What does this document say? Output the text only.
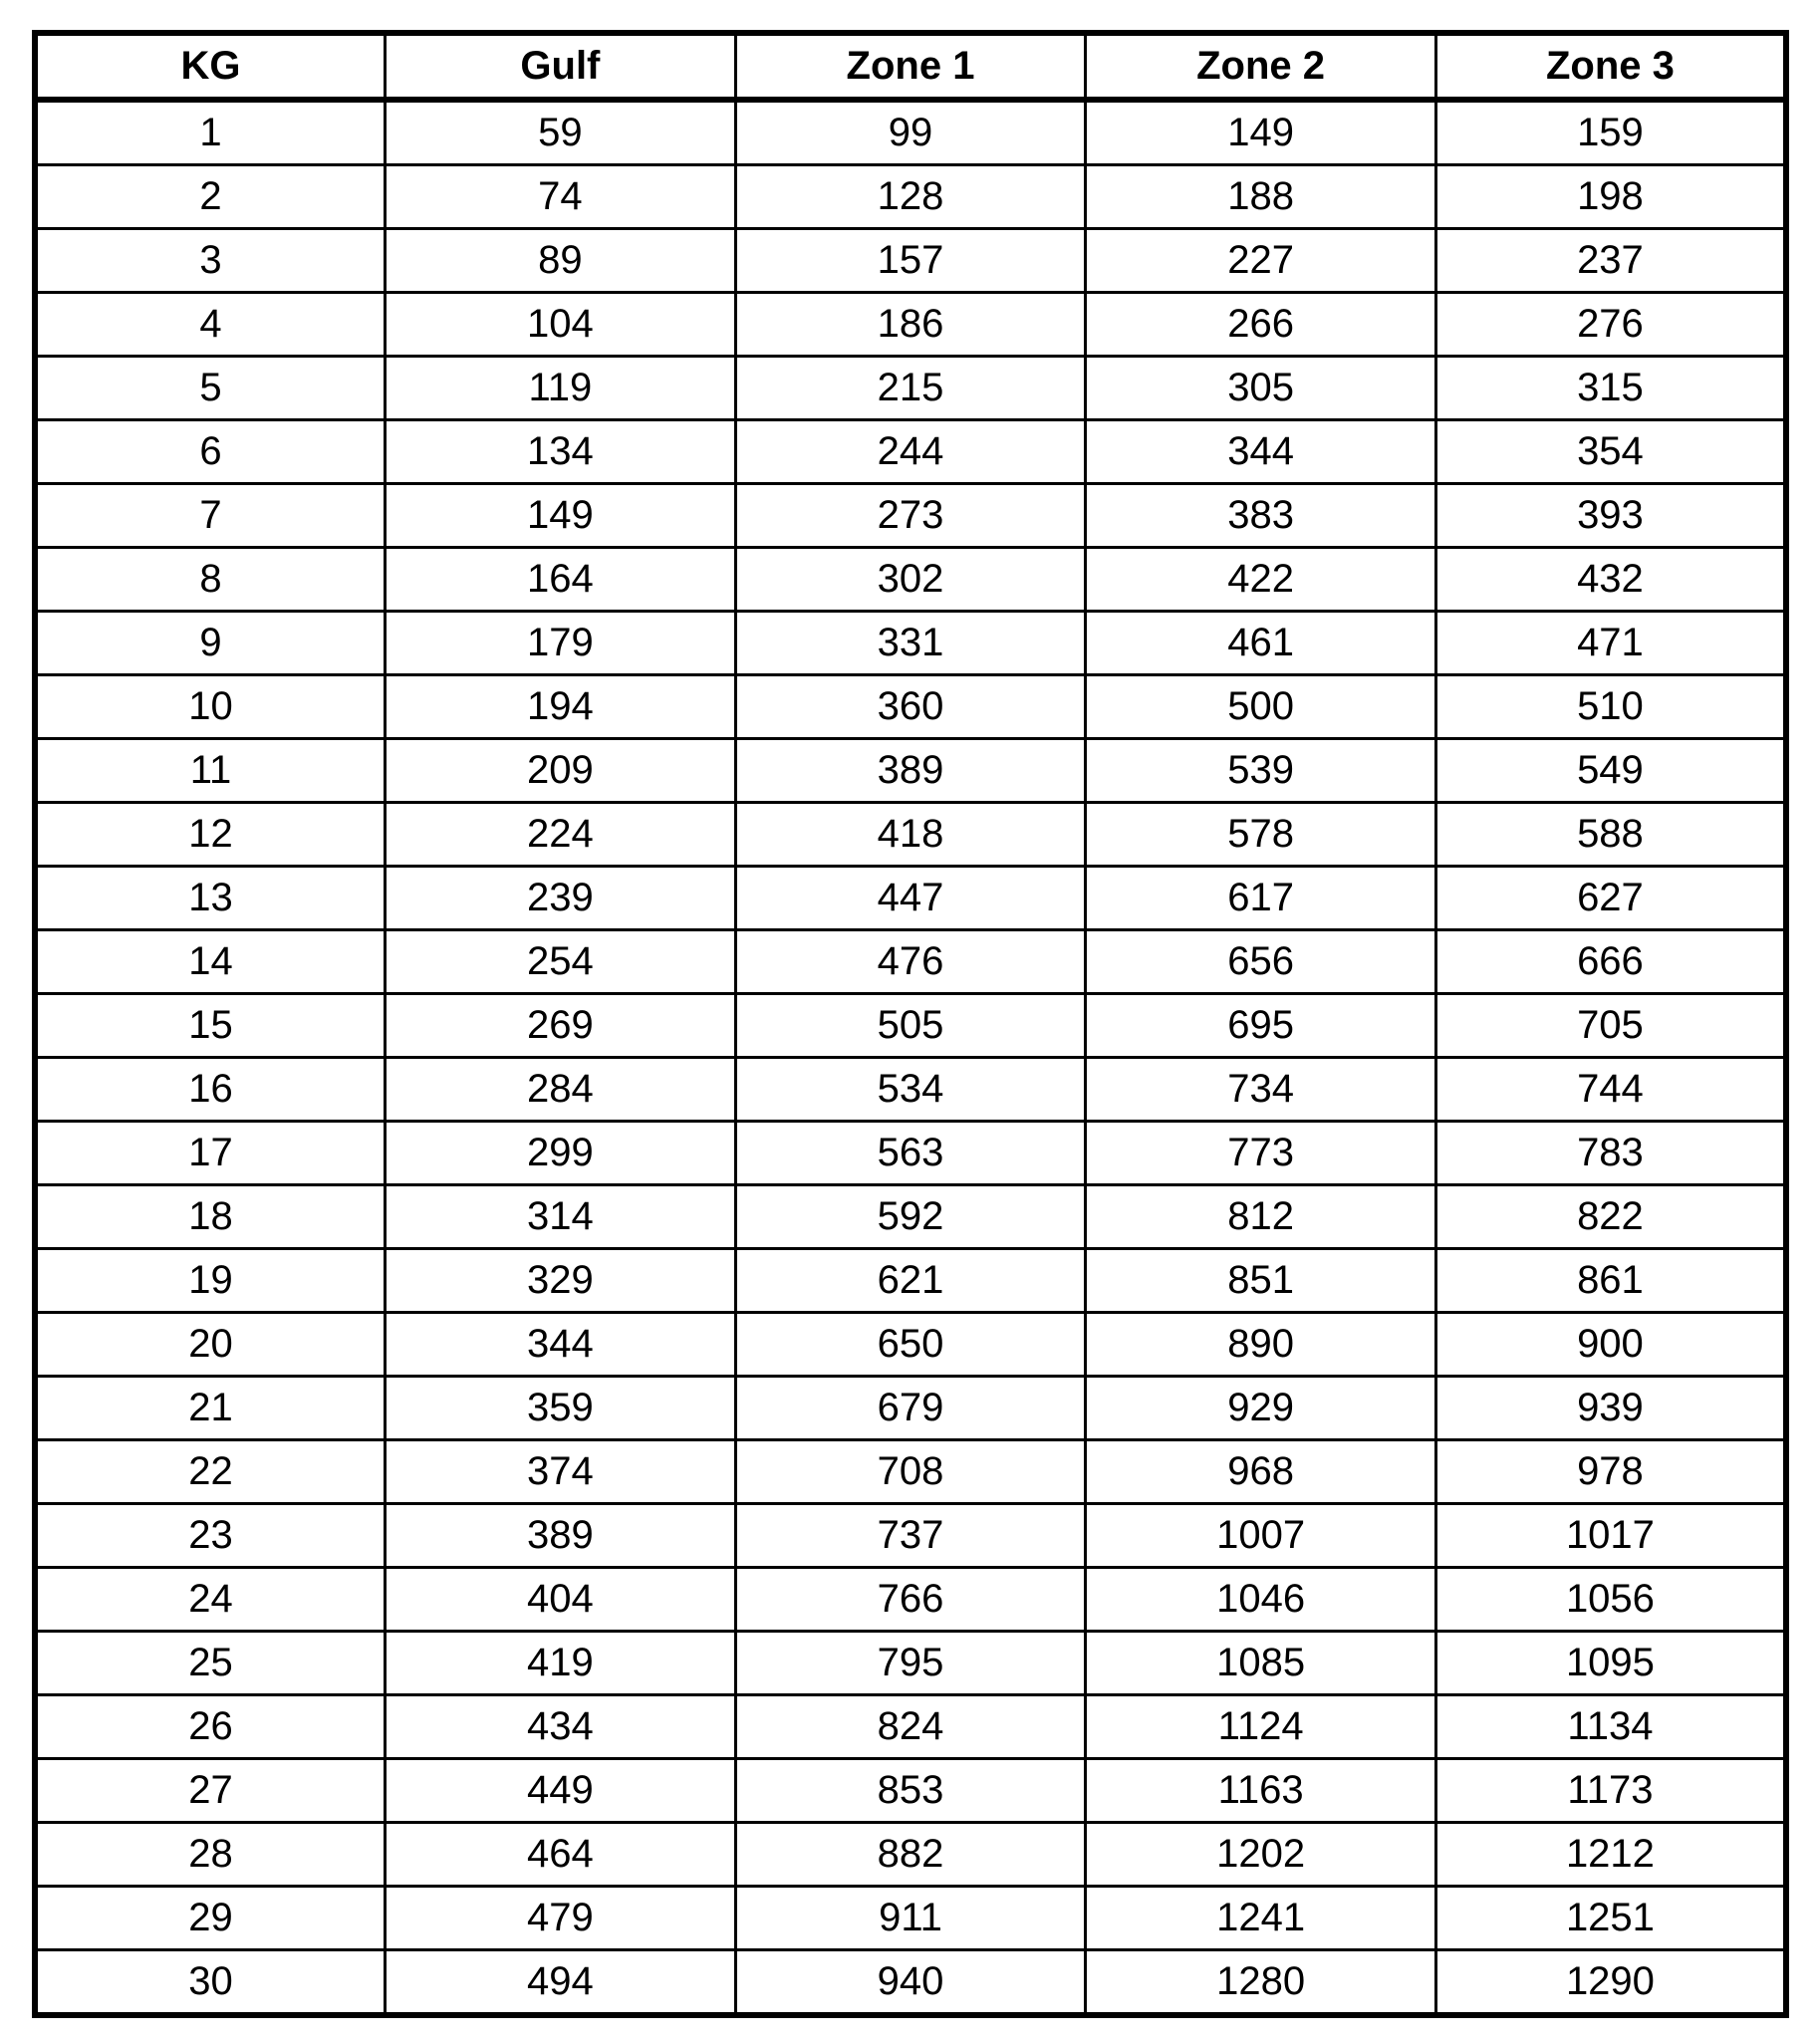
KG	Gulf	Zone 1	Zone 2	Zone 3
1	59	99	149	159
2	74	128	188	198
3	89	157	227	237
4	104	186	266	276
5	119	215	305	315
6	134	244	344	354
7	149	273	383	393
8	164	302	422	432
9	179	331	461	471
10	194	360	500	510
11	209	389	539	549
12	224	418	578	588
13	239	447	617	627
14	254	476	656	666
15	269	505	695	705
16	284	534	734	744
17	299	563	773	783
18	314	592	812	822
19	329	621	851	861
20	344	650	890	900
21	359	679	929	939
22	374	708	968	978
23	389	737	1007	1017
24	404	766	1046	1056
25	419	795	1085	1095
26	434	824	1124	1134
27	449	853	1163	1173
28	464	882	1202	1212
29	479	911	1241	1251
30	494	940	1280	1290
